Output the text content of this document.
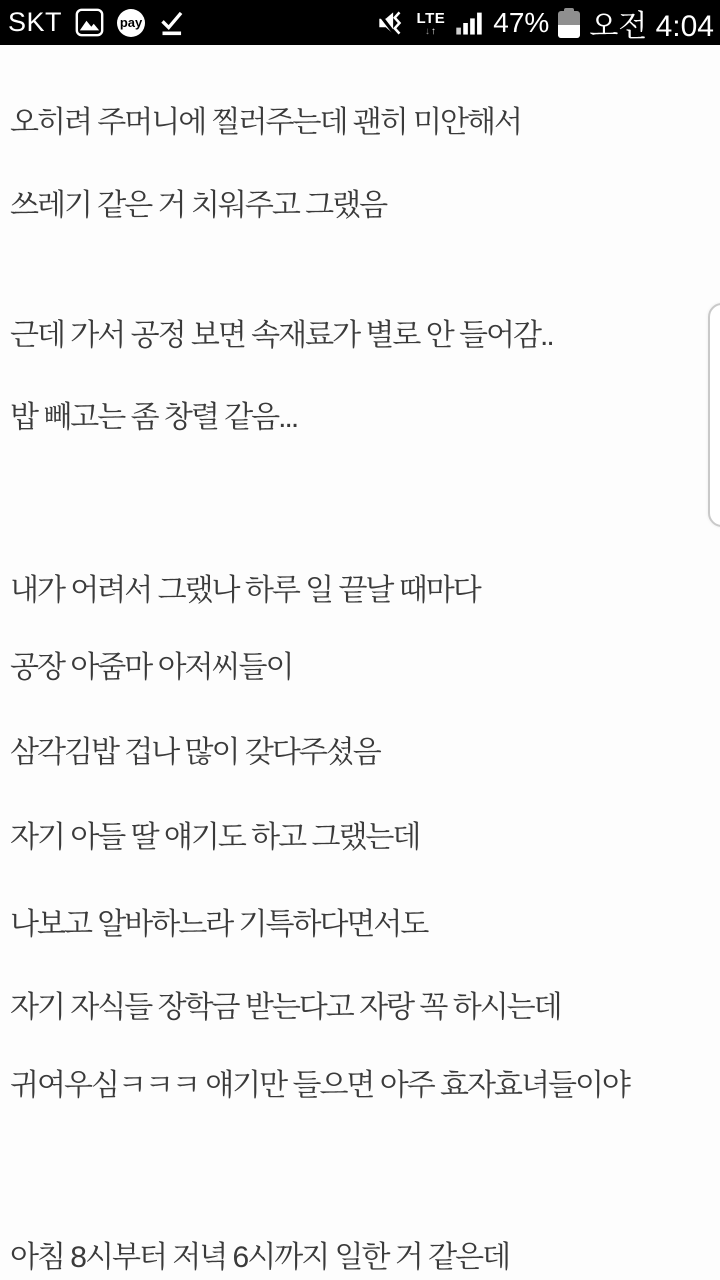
SKT	pay	LTE
↓↑ 47% 오전 4:04
오히려 주머니에 찔러주는데 괜히 미안해서
쓰레기 같은 거 치워주고 그랬음
근데 가서 공정 보면 속재료가 별로 안 들어감..
밥 빼고는 좀 창렬 같음...
내가 어려서 그랬나 하루 일 끝날 때마다
공장 아줌마 아저씨들이
삼각김밥 겁나 많이 갖다주셨음
자기 아들 딸 얘기도 하고 그랬는데
나보고 알바하느라 기특하다면서도
자기 자식들 장학금 받는다고 자랑 꼭 하시는데
귀여우심ㅋㅋㅋ 얘기만 들으면 아주 효자효녀들이야
아침 8시부터 저녁 6시까지 일한 거 같은데
